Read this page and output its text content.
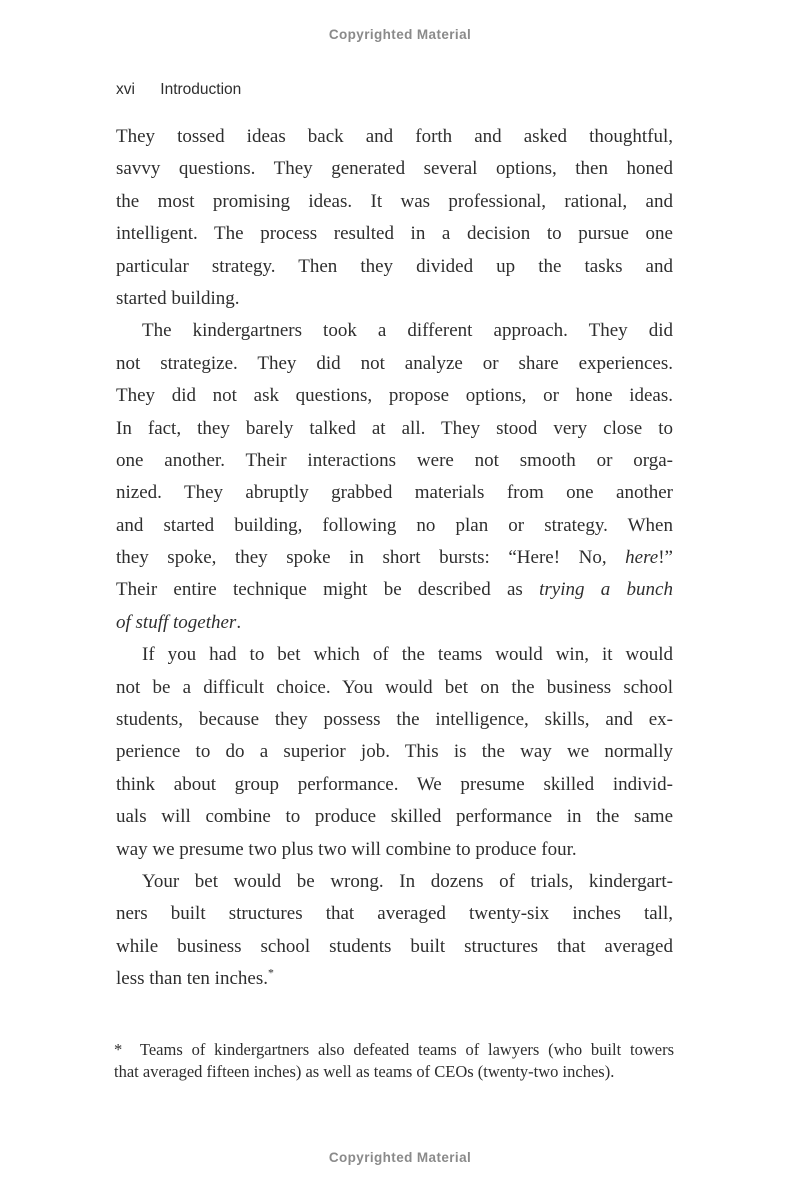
Copyrighted Material
xvi Introduction
They tossed ideas back and forth and asked thoughtful,
savvy questions. They generated several options, then honed
the most promising ideas. It was professional, rational, and
intelligent. The process resulted in a decision to pursue one
particular strategy. Then they divided up the tasks and
started building.
The kindergartners took a different approach. They did
not strategize. They did not analyze or share experiences.
They did not ask questions, propose options, or hone ideas.
In fact, they barely talked at all. They stood very close to
one another. Their interactions were not smooth or orga-
nized. They abruptly grabbed materials from one another
and started building, following no plan or strategy. When
they spoke, they spoke in short bursts: “Here! No, here!”
Their entire technique might be described as trying a bunch
of stuff together.
If you had to bet which of the teams would win, it would
not be a difficult choice. You would bet on the business school
students, because they possess the intelligence, skills, and ex-
perience to do a superior job. This is the way we normally
think about group performance. We presume skilled individ-
uals will combine to produce skilled performance in the same
way we presume two plus two will combine to produce four.
Your bet would be wrong. In dozens of trials, kindergart-
ners built structures that averaged twenty-six inches tall,
while business school students built structures that averaged
less than ten inches.*
*  Teams of kindergartners also defeated teams of lawyers (who built towers
that averaged fifteen inches) as well as teams of CEOs (twenty-two inches).
Copyrighted Material
